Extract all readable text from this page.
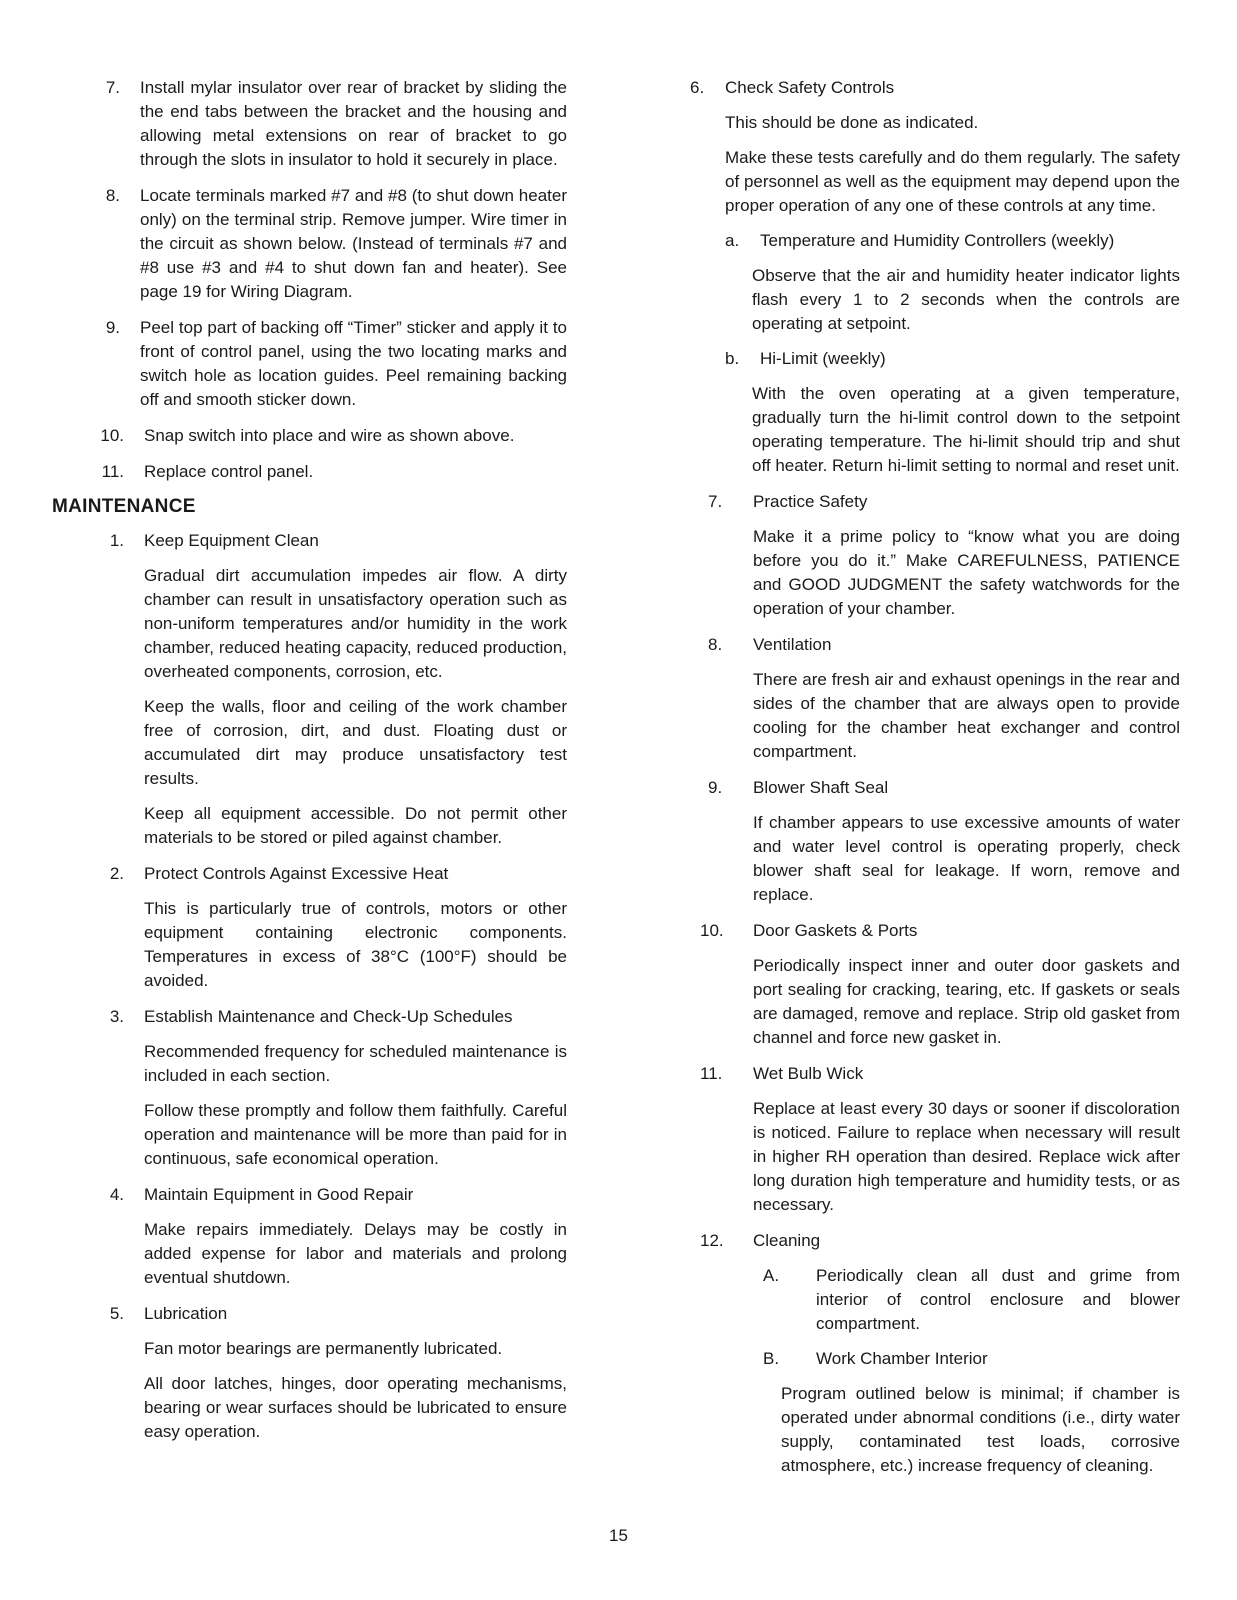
7. Install mylar insulator over rear of bracket by sliding the the end tabs between the bracket and the housing and allowing metal extensions on rear of bracket to go through the slots in insulator to hold it securely in place.

8. Locate terminals marked #7 and #8 (to shut down heater only) on the terminal strip. Remove jumper. Wire timer in the circuit as shown below. (Instead of terminals #7 and #8 use #3 and #4 to shut down fan and heater). See page 19 for Wiring Diagram.

9. Peel top part of backing off “Timer” sticker and apply it to front of control panel, using the two locating marks and switch hole as location guides. Peel remaining backing off and smooth sticker down.

10. Snap switch into place and wire as shown above.

11. Replace control panel.

MAINTENANCE
1. Keep Equipment Clean

Gradual dirt accumulation impedes air flow. A dirty chamber can result in unsatisfactory operation such as non-uniform temperatures and/or humidity in the work chamber, reduced heating capacity, reduced production, overheated components, corrosion, etc.

Keep the walls, floor and ceiling of the work chamber free of corrosion, dirt, and dust. Floating dust or accumulated dirt may produce unsatisfactory test results.

Keep all equipment accessible. Do not permit other materials to be stored or piled against chamber.

2. Protect Controls Against Excessive Heat

This is particularly true of controls, motors or other equipment containing electronic components. Temperatures in excess of 38°C (100°F) should be avoided.

3. Establish Maintenance and Check-Up Schedules

Recommended frequency for scheduled maintenance is included in each section.

Follow these promptly and follow them faithfully. Careful operation and maintenance will be more than paid for in continuous, safe economical operation.

4. Maintain Equipment in Good Repair

Make repairs immediately. Delays may be costly in added expense for labor and materials and prolong eventual shutdown.

5. Lubrication

Fan motor bearings are permanently lubricated.

All door latches, hinges, door operating mechanisms, bearing or wear surfaces should be lubricated to ensure easy operation.

6.	Check Safety Controls

This should be done as indicated.

Make these tests carefully and do them regularly. The safety of personnel as well as the equipment may depend upon the proper operation of any one of these controls at any time.

a.	Temperature and Humidity Controllers (weekly)

Observe that the air and humidity heater indicator lights flash every 1 to 2 seconds when the controls are operating at setpoint.

b.	Hi-Limit (weekly)

With the oven operating at a given temperature, gradually turn the hi-limit control down to the setpoint operating temperature. The hi-limit should trip and shut off heater. Return hi-limit setting to normal and reset unit.

7.	Practice Safety

Make it a prime policy to “know what you are doing before you do it.” Make CAREFULNESS, PATIENCE and GOOD JUDGMENT the safety watchwords for the operation of your chamber.

8.	Ventilation

There are fresh air and exhaust openings in the rear and sides of the chamber that are always open to provide cooling for the chamber heat exchanger and control compartment.

9.	Blower Shaft Seal

If chamber appears to use excessive amounts of water and water level control is operating properly, check blower shaft seal for leakage. If worn, remove and replace.

10. Door Gaskets & Ports

Periodically inspect inner and outer door gaskets and port sealing for cracking, tearing, etc. If gaskets or seals are damaged, remove and replace. Strip old gasket from channel and force new gasket in.

11. Wet Bulb Wick

Replace at least every 30 days or sooner if discoloration is noticed. Failure to replace when necessary will result in higher RH operation than desired. Replace wick after long duration high temperature and humidity tests, or as necessary.

12. Cleaning

A. Periodically clean all dust and grime from interior of control enclosure and blower compartment.

B. Work Chamber Interior

Program outlined below is minimal; if chamber is operated under abnormal conditions (i.e., dirty water supply, contaminated test loads, corrosive atmosphere, etc.) increase frequency of cleaning.

15
